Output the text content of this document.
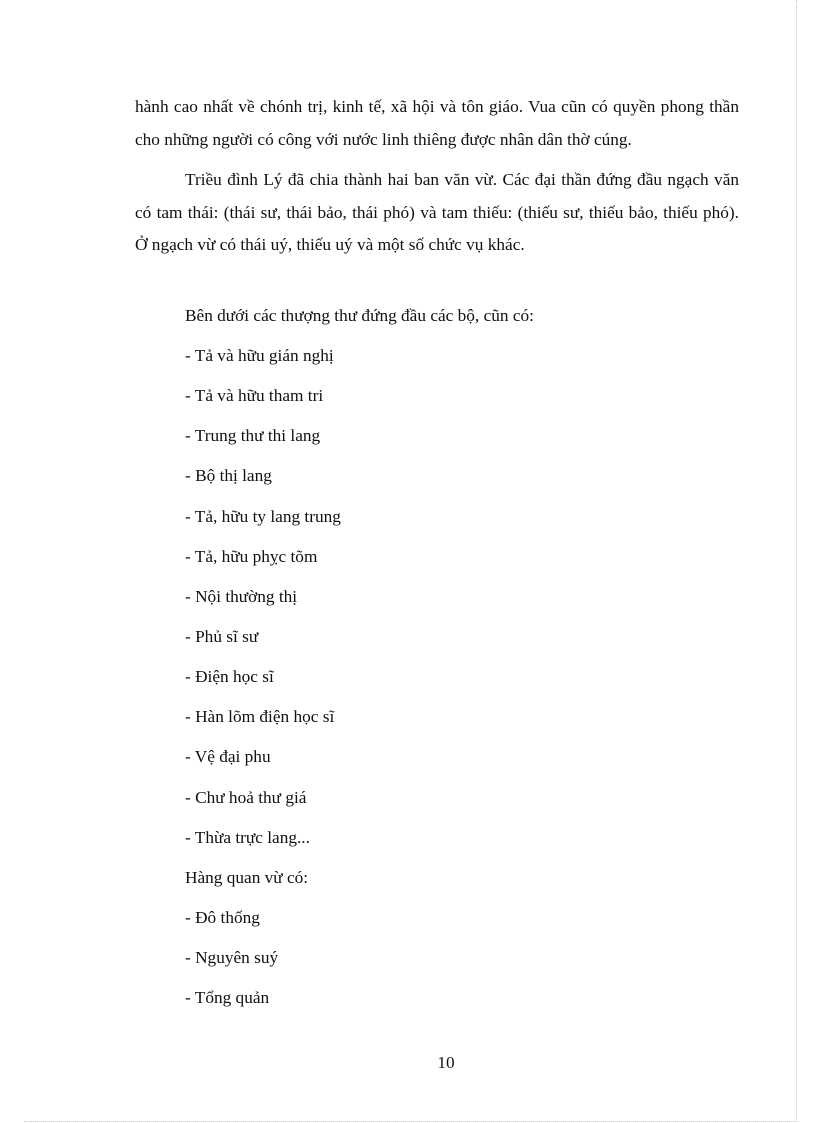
hành cao nhất về chónh trị, kinh tế, xã hội và tôn giáo. Vua cũn có quyền phong thần cho những người có công với nước linh thiêng được nhân dân thờ cúng.

Triều đình Lý đã chia thành hai ban văn vừ. Các đại thần đứng đầu ngạch văn có tam thái: (thái sư, thái bảo, thái phó) và tam thiếu: (thiếu sư, thiếu bảo, thiếu phó). Ở ngạch vừ có thái uý, thiếu uý và một số chức vụ khác.

Bên dưới các thượng thư đứng đầu các bộ, cũn có:
- Tả và hữu gián nghị
- Tả và hữu tham tri
- Trung thư thi lang
- Bộ thị lang
- Tả, hữu ty lang trung
- Tả, hữu phỵc tõm
- Nội thường thị
- Phủ sĩ sư
- Điện học sĩ
- Hàn lõm điện học sĩ
- Vệ đại phu
- Chư hoả thư giá
- Thừa trực lang...
Hàng quan vừ có:
- Đô thống
- Nguyên suý
- Tổng quản
10
